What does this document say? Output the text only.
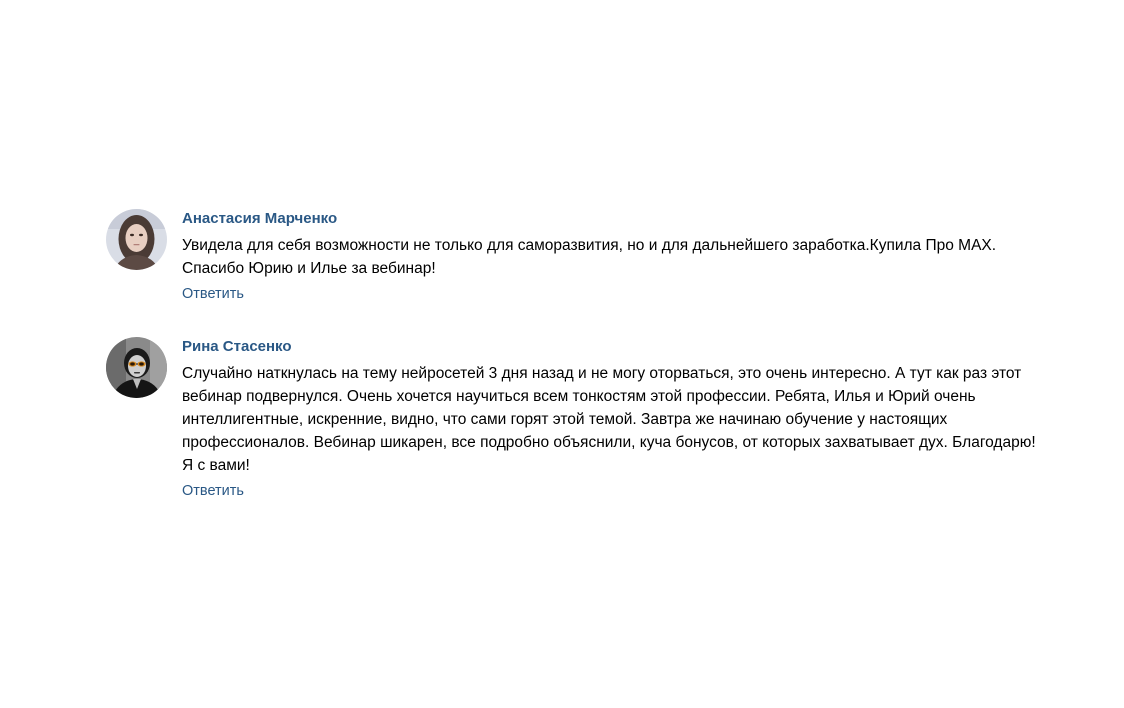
Анастасия Марченко
Увидела для себя возможности не только для саморазвития, но и для дальнейшего заработка.Купила Про MAX. Спасибо Юрию и Илье за вебинар!
Ответить
Рина Стасенко
Случайно наткнулась на тему нейросетей 3 дня назад и не могу оторваться, это очень интересно. А тут как раз этот вебинар подвернулся. Очень хочется научиться всем тонкостям этой профессии. Ребята, Илья и Юрий очень интеллигентные, искренние, видно, что сами горят этой темой. Завтра же начинаю обучение у настоящих профессионалов. Вебинар шикарен, все подробно объяснили, куча бонусов, от которых захватывает дух. Благодарю! Я с вами!
Ответить
